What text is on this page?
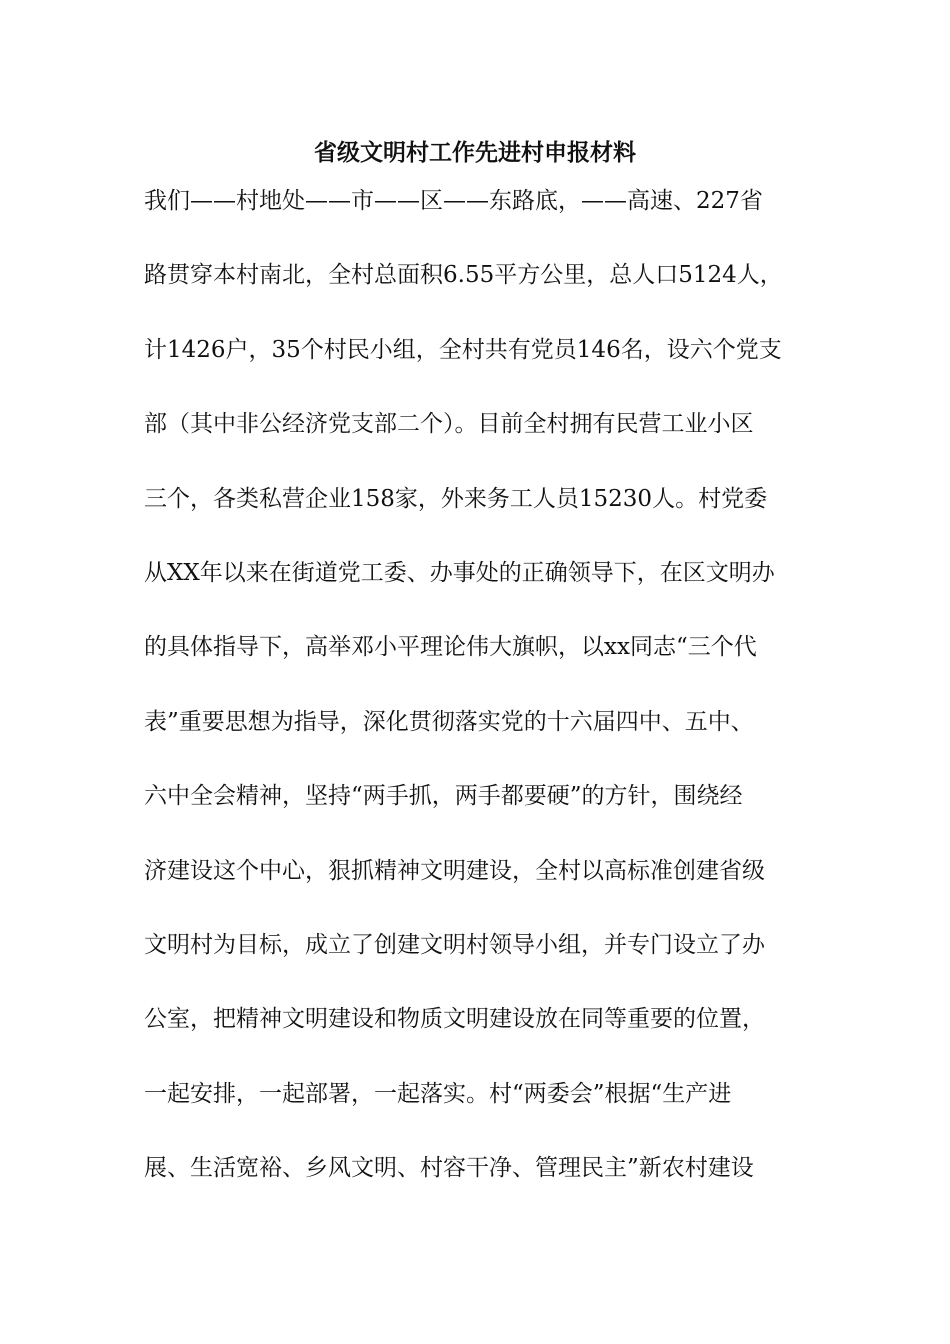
省级文明村工作先进村申报材料
我们——村地处——市——区——东路底，——高速、227省
路贯穿本村南北，全村总面积6.55平方公里，总人口5124人，
计1426户，35个村民小组，全村共有党员146名，设六个党支
部（其中非公经济党支部二个）。目前全村拥有民营工业小区
三个，各类私营企业158家，外来务工人员15230人。村党委
从XX年以来在街道党工委、办事处的正确领导下，在区文明办
的具体指导下，高举邓小平理论伟大旗帜，以xx同志“三个代
表”重要思想为指导，深化贯彻落实党的十六届四中、五中、
六中全会精神，坚持“两手抓，两手都要硬”的方针，围绕经
济建设这个中心，狠抓精神文明建设，全村以高标准创建省级
文明村为目标，成立了创建文明村领导小组，并专门设立了办
公室，把精神文明建设和物质文明建设放在同等重要的位置，
一起安排，一起部署，一起落实。村“两委会”根据“生产进
展、生活宽裕、乡风文明、村容干净、管理民主”新农村建设
